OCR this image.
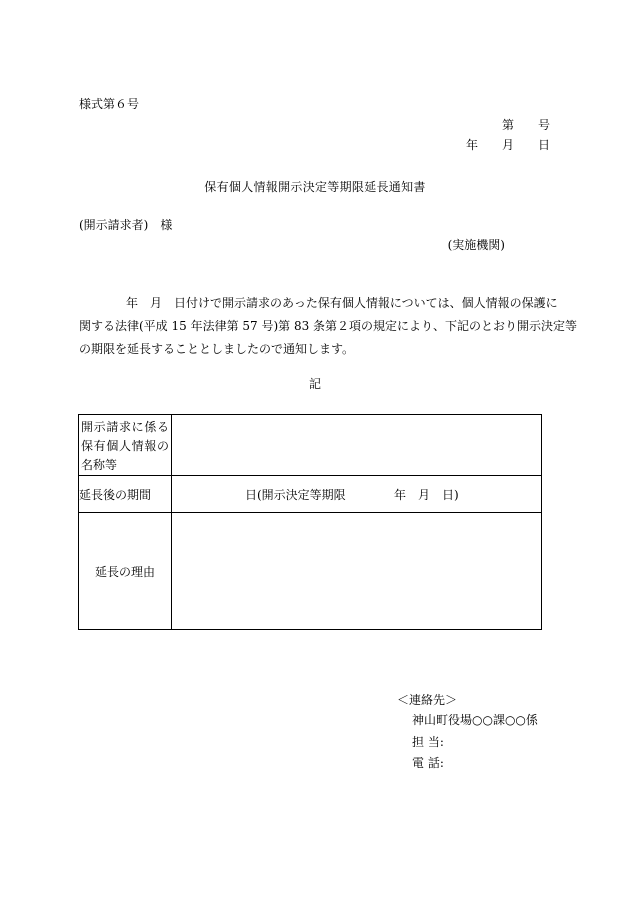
様式第６号
第　　号
年　　月　　日
保有個人情報開示決定等期限延長通知書
(開示請求者)　様
(実施機関)
年　月　日付けで開示請求のあった保有個人情報については、個人情報の保護に
関する法律(平成 15 年法律第 57 号)第 83 条第２項の規定により、下記のとおり開示決定等
の期限を延長することとしましたので通知します。
記
開示請求に係る
保有個人情報の
名称等	

延長後の期間	日(開示決定等期限 年　月　日)

延長の理由	
＜連絡先＞
神山町役場○○課○○係
担 当:
電 話:
